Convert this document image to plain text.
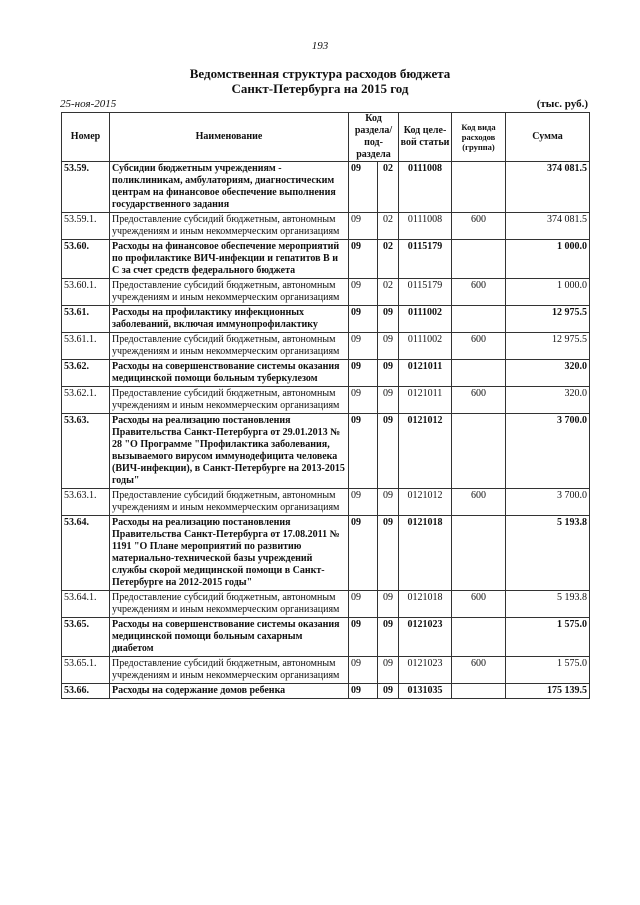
193
Ведомственная структура расходов бюджета
Санкт-Петербурга на 2015 год
25-ноя-2015	(тыс. руб.)
Номер	Наименование	Код раздела/ под- раздела		Код целе- вой статьи	Код вида расходов (группа)	Сумма
53.59.	Субсидии бюджетным учреждениям - поликлиникам, амбулаториям, диагностическим центрам на финансовое обеспечение выполнения государственного задания	09	02	0111008		374 081.5
53.59.1.	Предоставление субсидий бюджетным, автономным учреждениям и иным некоммерческим организациям	09	02	0111008	600	374 081.5
53.60.	Расходы на финансовое обеспечение мероприятий по профилактике ВИЧ-инфекции и гепатитов В и С за счет средств федерального бюджета	09	02	0115179		1 000.0
53.60.1.	Предоставление субсидий бюджетным, автономным учреждениям и иным некоммерческим организациям	09	02	0115179	600	1 000.0
53.61.	Расходы на профилактику инфекционных заболеваний, включая иммунопрофилактику	09	09	0111002		12 975.5
53.61.1.	Предоставление субсидий бюджетным, автономным учреждениям и иным некоммерческим организациям	09	09	0111002	600	12 975.5
53.62.	Расходы на совершенствование системы оказания медицинской помощи больным туберкулезом	09	09	0121011		320.0
53.62.1.	Предоставление субсидий бюджетным, автономным учреждениям и иным некоммерческим организациям	09	09	0121011	600	320.0
53.63.	Расходы на реализацию постановления Правительства Санкт-Петербурга от 29.01.2013 № 28 "О Программе "Профилактика заболевания, вызываемого вирусом иммунодефицита человека (ВИЧ-инфекции), в Санкт-Петербурге на 2013-2015 годы"	09	09	0121012		3 700.0
53.63.1.	Предоставление субсидий бюджетным, автономным учреждениям и иным некоммерческим организациям	09	09	0121012	600	3 700.0
53.64.	Расходы на реализацию постановления Правительства Санкт-Петербурга от 17.08.2011 № 1191 "О Плане мероприятий по развитию материально-технической базы учреждений службы скорой медицинской помощи в Санкт-Петербурге на 2012-2015 годы"	09	09	0121018		5 193.8
53.64.1.	Предоставление субсидий бюджетным, автономным учреждениям и иным некоммерческим организациям	09	09	0121018	600	5 193.8
53.65.	Расходы на совершенствование системы оказания медицинской помощи больным сахарным диабетом	09	09	0121023		1 575.0
53.65.1.	Предоставление субсидий бюджетным, автономным учреждениям и иным некоммерческим организациям	09	09	0121023	600	1 575.0
53.66.	Расходы на содержание домов ребенка	09	09	0131035		175 139.5
